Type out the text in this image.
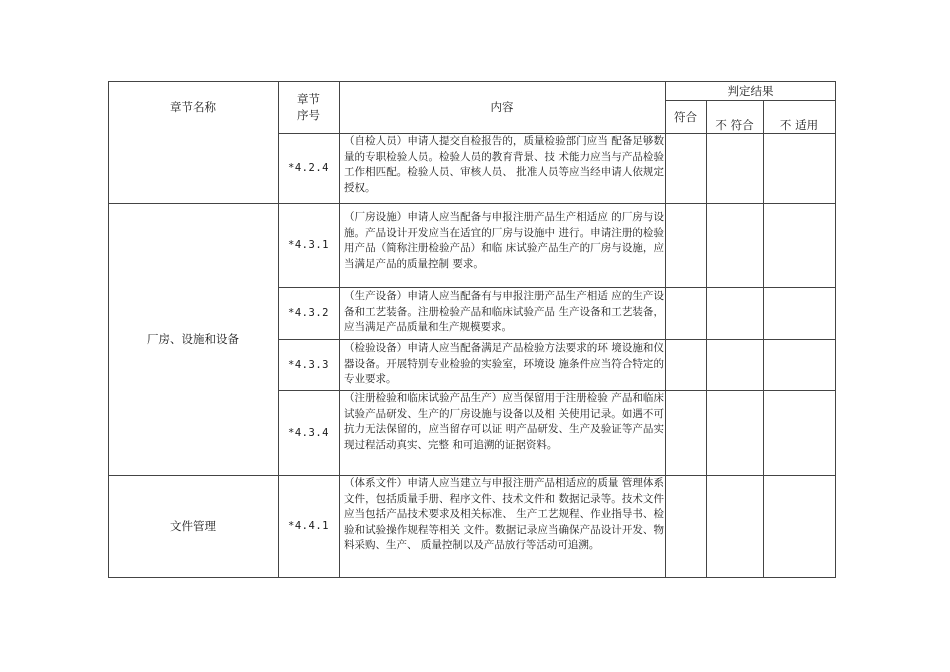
章节名称
章节
序号
内容
判定结果
符合
不 符合	不 适用
*4.2.4
（自检人员）申请人提交自检报告的，质量检验部门应当 配备足够数量的专职检验人员。检验人员的教育背景、技 术能力应当与产品检验工作相匹配。检验人员、审核人员、 批准人员等应当经申请人依规定授权。
厂房、设施和设备
*4.3.1
（厂房设施）申请人应当配备与申报注册产品生产相适应 的厂房与设施。产品设计开发应当在适宜的厂房与设施中 进行。申请注册的检验用产品（简称注册检验产品）和临 床试验产品生产的厂房与设施，应当满足产品的质量控制 要求。
*4.3.2
（生产设备）申请人应当配备有与申报注册产品生产相适 应的生产设备和工艺装备。注册检验产品和临床试验产品 生产设备和工艺装备，应当满足产品质量和生产规模要求。
*4.3.3
（检验设备）申请人应当配备满足产品检验方法要求的环 境设施和仪器设备。开展特别专业检验的实验室，环境设 施条件应当符合特定的专业要求。
*4.3.4
（注册检验和临床试验产品生产）应当保留用于注册检验 产品和临床试验产品研发、生产的厂房设施与设备以及相 关使用记录。如遇不可抗力无法保留的，应当留存可以证 明产品研发、生产及验证等产品实现过程活动真实、完整 和可追溯的证据资料。
文件管理	*4.4.1
（体系文件）申请人应当建立与申报注册产品相适应的质量 管理体系文件，包括质量手册、程序文件、技术文件和 数据记录等。技术文件应当包括产品技术要求及相关标准、 生产工艺规程、作业指导书、检验和试验操作规程等相关 文件。数据记录应当确保产品设计开发、物料采购、生产、 质量控制以及产品放行等活动可追溯。
